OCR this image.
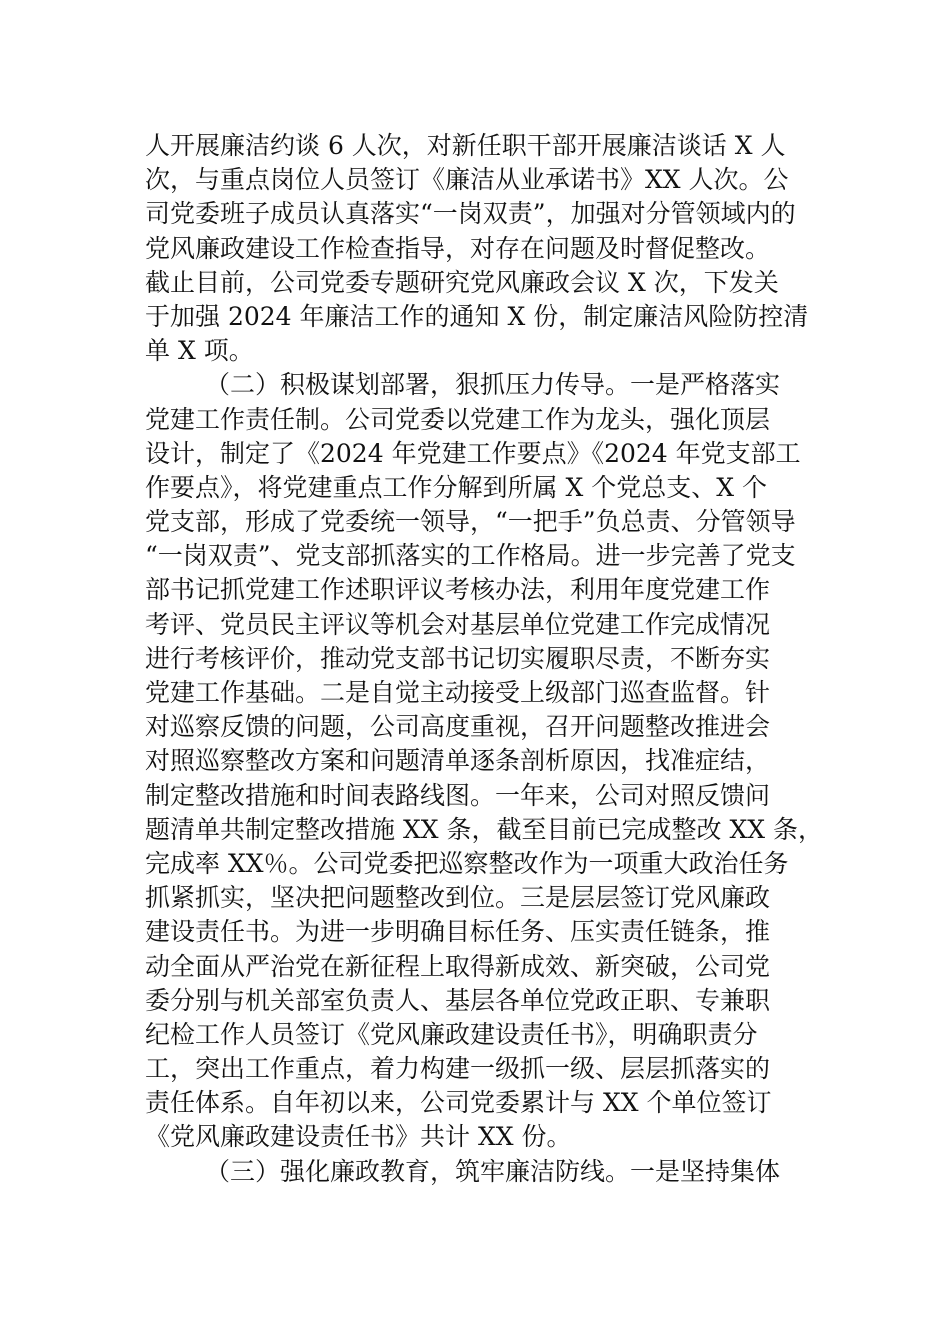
人开展廉洁约谈 6 人次，对新任职干部开展廉洁谈话 X 人
次，与重点岗位人员签订《廉洁从业承诺书》XX 人次。公
司党委班子成员认真落实“一岗双责”，加强对分管领域内的
党风廉政建设工作检查指导，对存在问题及时督促整改。
截止目前，公司党委专题研究党风廉政会议 X 次，下发关
于加强 2024 年廉洁工作的通知 X 份，制定廉洁风险防控清
单 X 项。
（二）积极谋划部署，狠抓压力传导。一是严格落实
党建工作责任制。公司党委以党建工作为龙头，强化顶层
设计，制定了《2024 年党建工作要点》《2024 年党支部工
作要点》，将党建重点工作分解到所属 X 个党总支、X 个
党支部，形成了党委统一领导，“一把手”负总责、分管领导
“一岗双责”、党支部抓落实的工作格局。进一步完善了党支
部书记抓党建工作述职评议考核办法，利用年度党建工作
考评、党员民主评议等机会对基层单位党建工作完成情况
进行考核评价，推动党支部书记切实履职尽责，不断夯实
党建工作基础。二是自觉主动接受上级部门巡查监督。针
对巡察反馈的问题，公司高度重视，召开问题整改推进会
对照巡察整改方案和问题清单逐条剖析原因，找准症结，
制定整改措施和时间表路线图。一年来，公司对照反馈问
题清单共制定整改措施 XX 条，截至目前已完成整改 XX 条，
完成率 XX％。公司党委把巡察整改作为一项重大政治任务
抓紧抓实，坚决把问题整改到位。三是层层签订党风廉政
建设责任书。为进一步明确目标任务、压实责任链条，推
动全面从严治党在新征程上取得新成效、新突破，公司党
委分别与机关部室负责人、基层各单位党政正职、专兼职
纪检工作人员签订《党风廉政建设责任书》，明确职责分
工，突出工作重点，着力构建一级抓一级、层层抓落实的
责任体系。自年初以来，公司党委累计与 XX 个单位签订
《党风廉政建设责任书》共计 XX 份。
（三）强化廉政教育，筑牢廉洁防线。一是坚持集体
